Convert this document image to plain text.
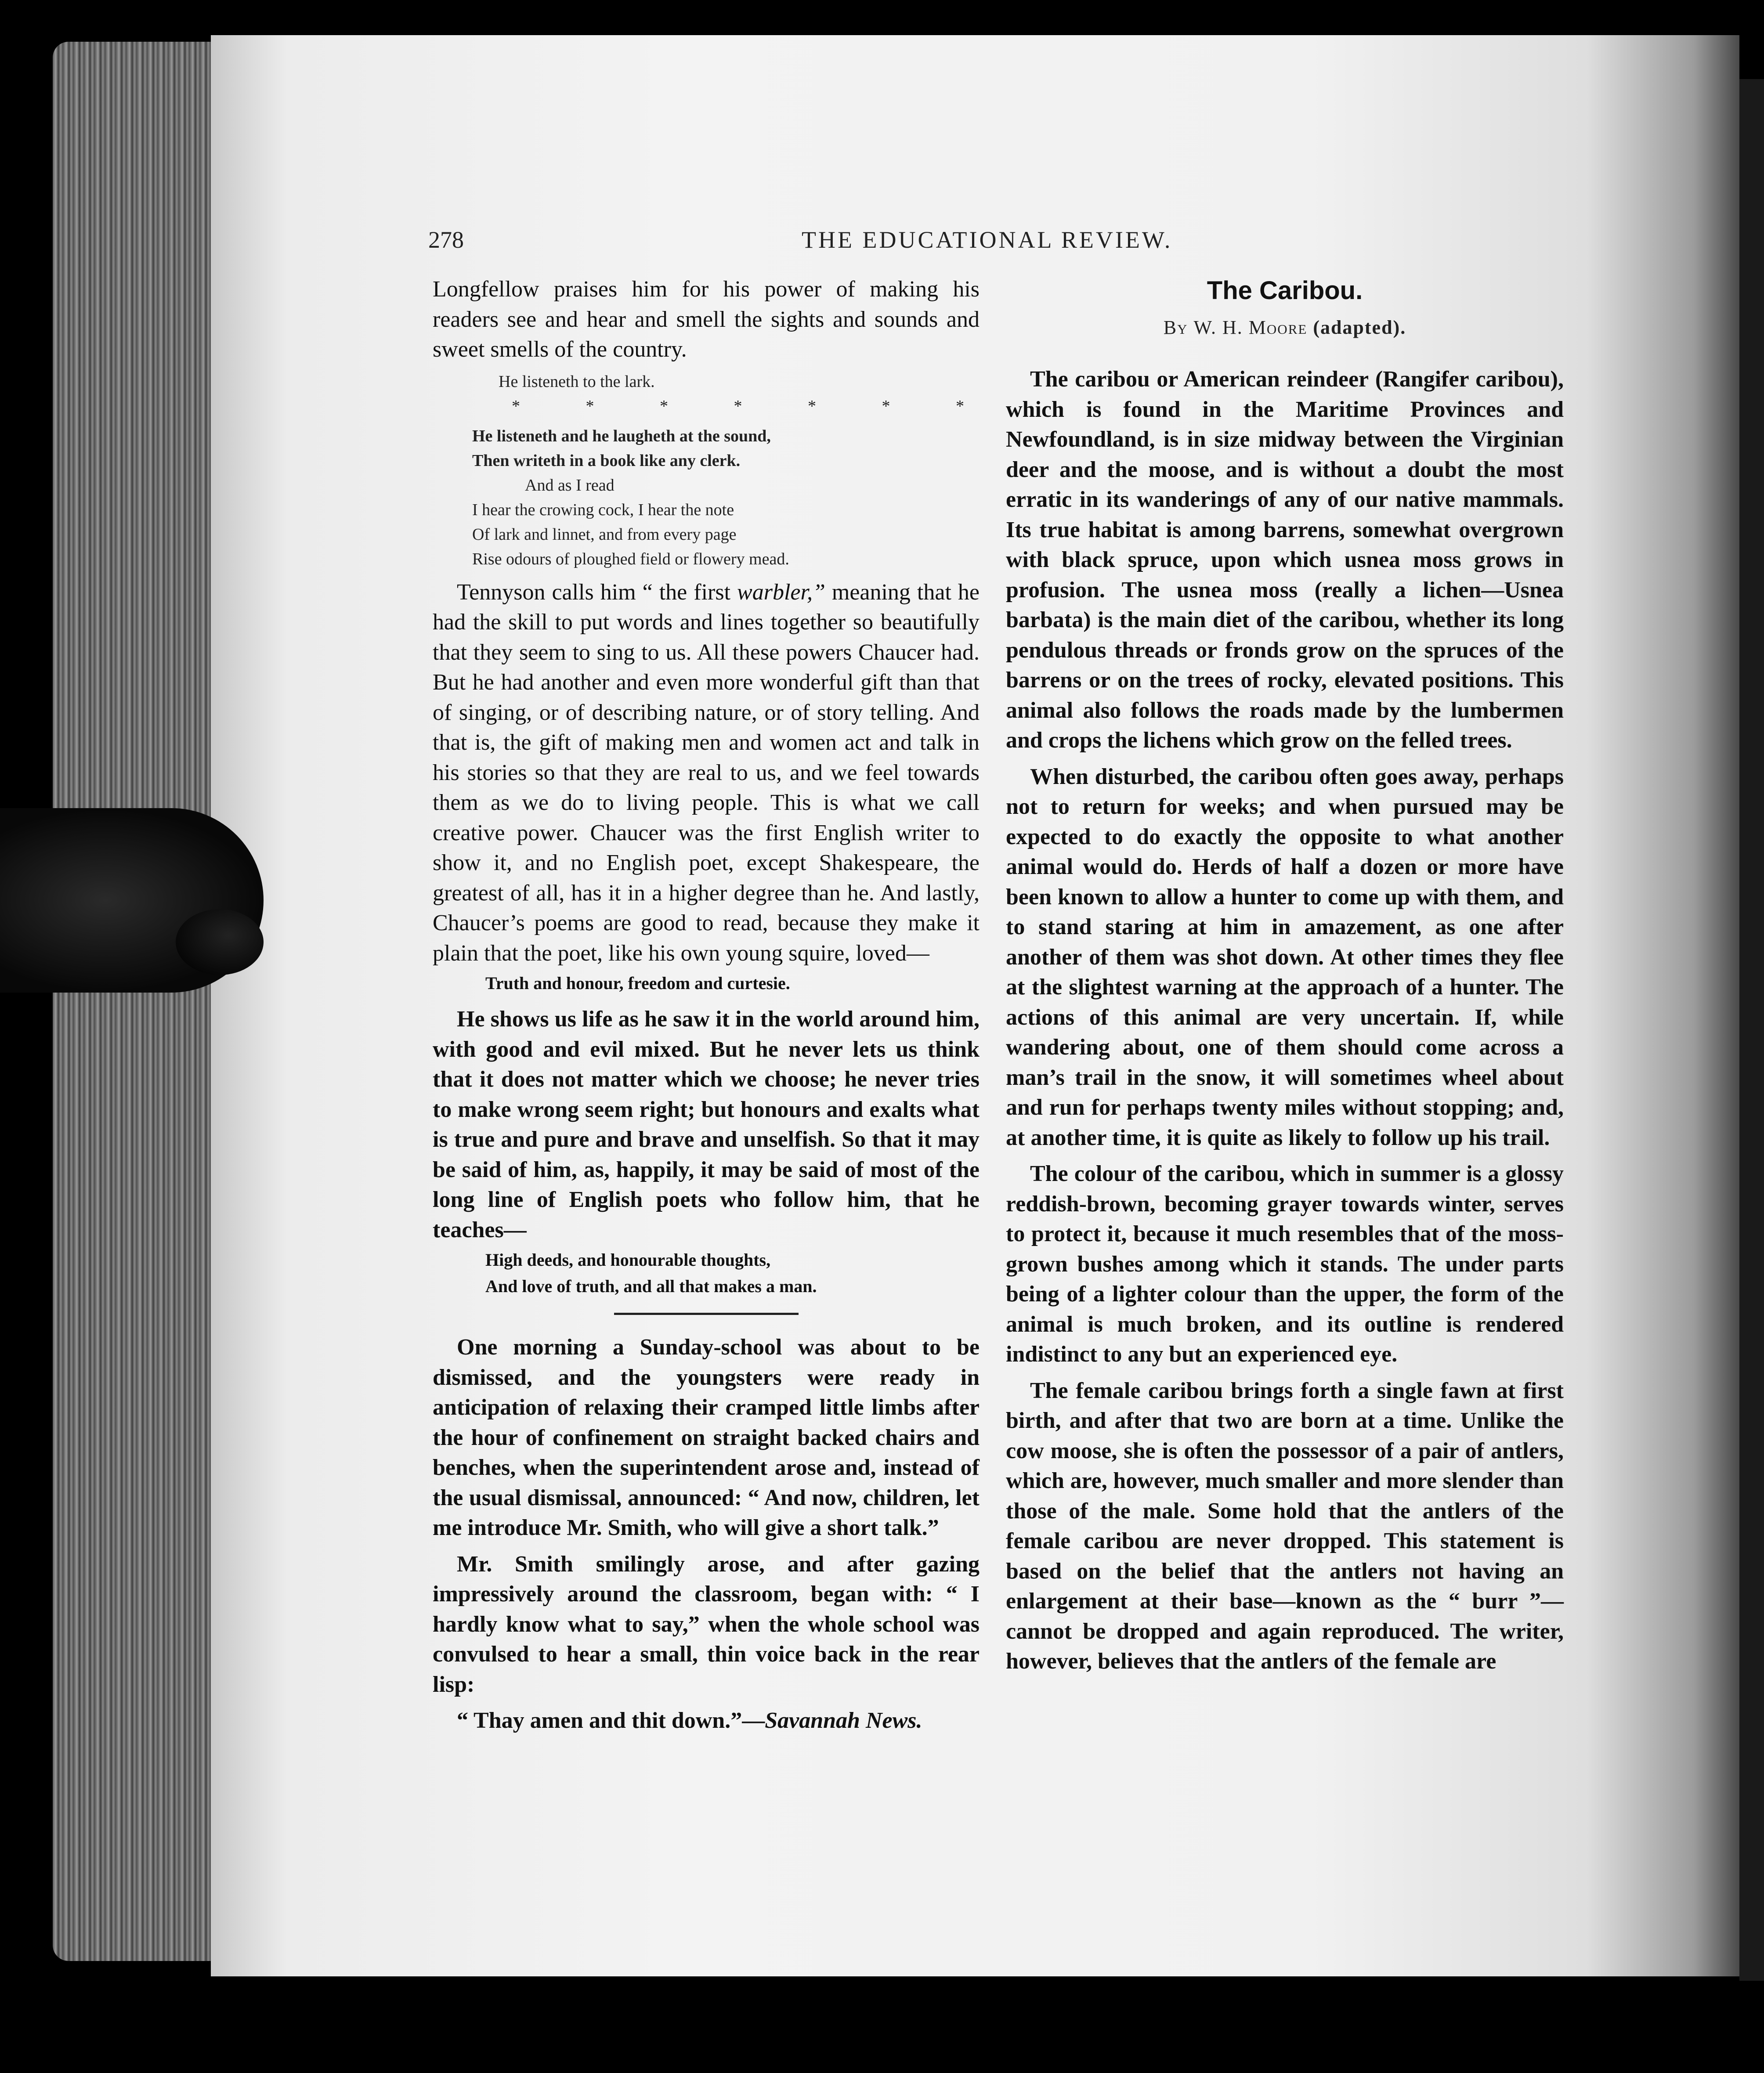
278	THE EDUCATIONAL REVIEW.

Longfellow praises him for his power of making his readers see and hear and smell the sights and sounds and sweet smells of the country.

He listeneth to the lark.
* * * * * * *
He listeneth and he laugheth at the sound,
Then writeth in a book like any clerk.
And as I read
I hear the crowing cock, I hear the note
Of lark and linnet, and from every page
Rise odours of ploughed field or flowery mead.

Tennyson calls him “ the first warbler,” meaning that he had the skill to put words and lines together so beautifully that they seem to sing to us. All these powers Chaucer had. But he had another and even more wonderful gift than that of singing, or of describing nature, or of story telling. And that is, the gift of making men and women act and talk in his stories so that they are real to us, and we feel towards them as we do to living people. This is what we call creative power. Chaucer was the first English writer to show it, and no English poet, except Shakespeare, the greatest of all, has it in a higher degree than he. And lastly, Chaucer’s poems are good to read, because they make it plain that the poet, like his own young squire, loved—

Truth and honour, freedom and curtesie.

He shows us life as he saw it in the world around him, with good and evil mixed. But he never lets us think that it does not matter which we choose; he never tries to make wrong seem right; but honours and exalts what is true and pure and brave and unselfish. So that it may be said of him, as, happily, it may be said of most of the long line of English poets who follow him, that he teaches—

High deeds, and honourable thoughts,
And love of truth, and all that makes a man.

One morning a Sunday-school was about to be dismissed, and the youngsters were ready in anticipation of relaxing their cramped little limbs after the hour of confinement on straight backed chairs and benches, when the superintendent arose and, instead of the usual dismissal, announced: “ And now, children, let me introduce Mr. Smith, who will give a short talk.”

Mr. Smith smilingly arose, and after gazing impressively around the classroom, began with: “ I hardly know what to say,” when the whole school was convulsed to hear a small, thin voice back in the rear lisp:

“ Thay amen and thit down.”—Savannah News.

The Caribou.
By W. H. Moore (adapted).

The caribou or American reindeer (Rangifer caribou), which is found in the Maritime Provinces and Newfoundland, is in size midway between the Virginian deer and the moose, and is without a doubt the most erratic in its wanderings of any of our native mammals. Its true habitat is among barrens, somewhat overgrown with black spruce, upon which usnea moss grows in profusion. The usnea moss (really a lichen—Usnea barbata) is the main diet of the caribou, whether its long pendulous threads or fronds grow on the spruces of the barrens or on the trees of rocky, elevated positions. This animal also follows the roads made by the lumbermen and crops the lichens which grow on the felled trees.

When disturbed, the caribou often goes away, perhaps not to return for weeks; and when pursued may be expected to do exactly the opposite to what another animal would do. Herds of half a dozen or more have been known to allow a hunter to come up with them, and to stand staring at him in amazement, as one after another of them was shot down. At other times they flee at the slightest warning at the approach of a hunter. The actions of this animal are very uncertain. If, while wandering about, one of them should come across a man’s trail in the snow, it will sometimes wheel about and run for perhaps twenty miles without stopping; and, at another time, it is quite as likely to follow up his trail.

The colour of the caribou, which in summer is a glossy reddish-brown, becoming grayer towards winter, serves to protect it, because it much resembles that of the moss-grown bushes among which it stands. The under parts being of a lighter colour than the upper, the form of the animal is much broken, and its outline is rendered indistinct to any but an experienced eye.

The female caribou brings forth a single fawn at first birth, and after that two are born at a time. Unlike the cow moose, she is often the possessor of a pair of antlers, which are, however, much smaller and more slender than those of the male. Some hold that the antlers of the female caribou are never dropped. This statement is based on the belief that the antlers not having an enlargement at their base—known as the “ burr ”—cannot be dropped and again reproduced. The writer, however, believes that the antlers of the female are
